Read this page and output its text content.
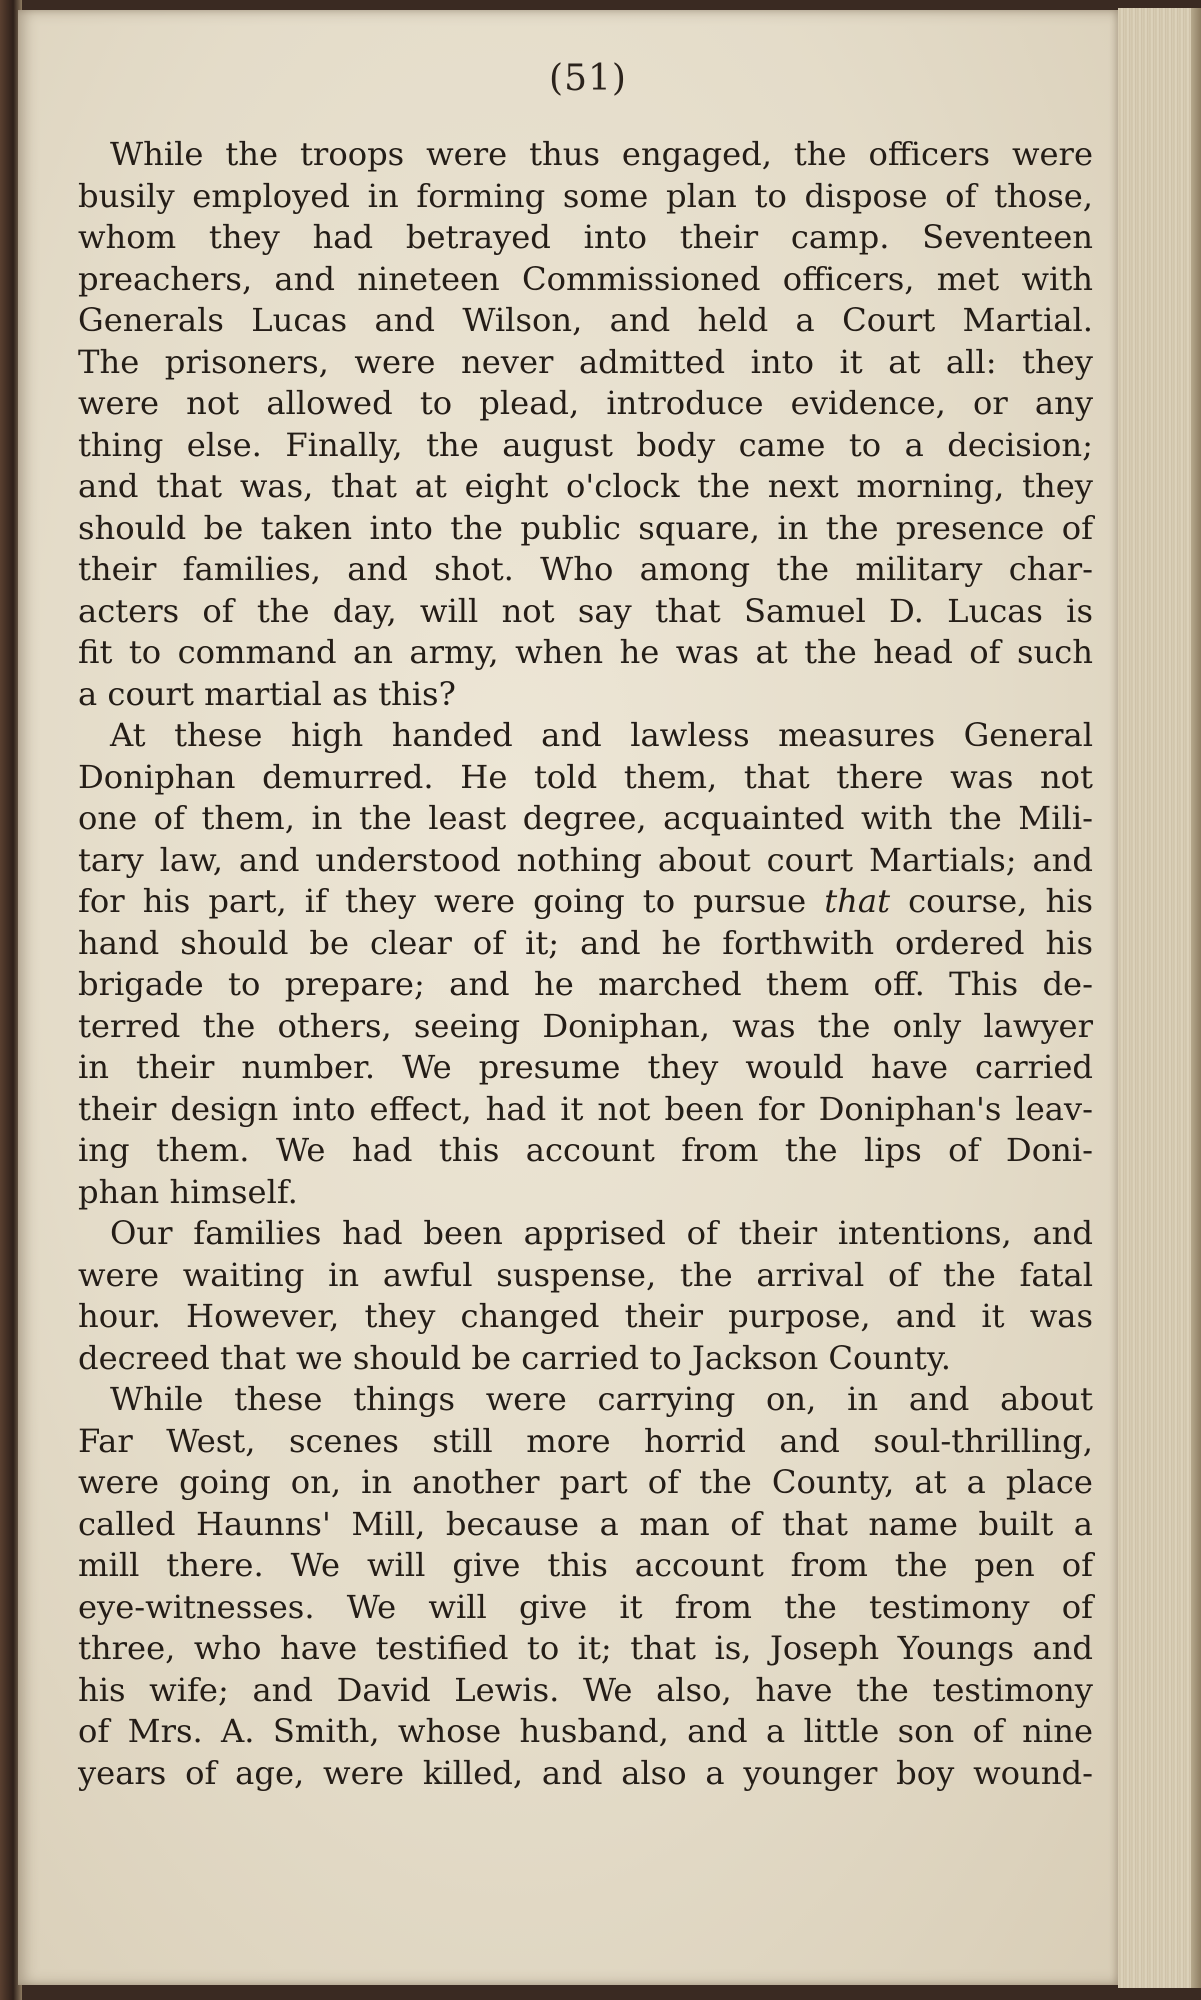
(51)
While the troops were thus engaged, the officers were
busily employed in forming some plan to dispose of those,
whom they had betrayed into their camp. Seventeen
preachers, and nineteen Commissioned officers, met with
Generals Lucas and Wilson, and held a Court Martial.
The prisoners, were never admitted into it at all: they
were not allowed to plead, introduce evidence, or any
thing else. Finally, the august body came to a decision;
and that was, that at eight o'clock the next morning, they
should be taken into the public square, in the presence of
their families, and shot. Who among the military char-
acters of the day, will not say that Samuel D. Lucas is
fit to command an army, when he was at the head of such
a court martial as this?
At these high handed and lawless measures General
Doniphan demurred. He told them, that there was not
one of them, in the least degree, acquainted with the Mili-
tary law, and understood nothing about court Martials; and
for his part, if they were going to pursue that course, his
hand should be clear of it; and he forthwith ordered his
brigade to prepare; and he marched them off. This de-
terred the others, seeing Doniphan, was the only lawyer
in their number. We presume they would have carried
their design into effect, had it not been for Doniphan's leav-
ing them. We had this account from the lips of Doni-
phan himself.
Our families had been apprised of their intentions, and
were waiting in awful suspense, the arrival of the fatal
hour. However, they changed their purpose, and it was
decreed that we should be carried to Jackson County.
While these things were carrying on, in and about
Far West, scenes still more horrid and soul-thrilling,
were going on, in another part of the County, at a place
called Haunns' Mill, because a man of that name built a
mill there. We will give this account from the pen of
eye-witnesses. We will give it from the testimony of
three, who have testified to it; that is, Joseph Youngs and
his wife; and David Lewis. We also, have the testimony
of Mrs. A. Smith, whose husband, and a little son of nine
years of age, were killed, and also a younger boy wound-
